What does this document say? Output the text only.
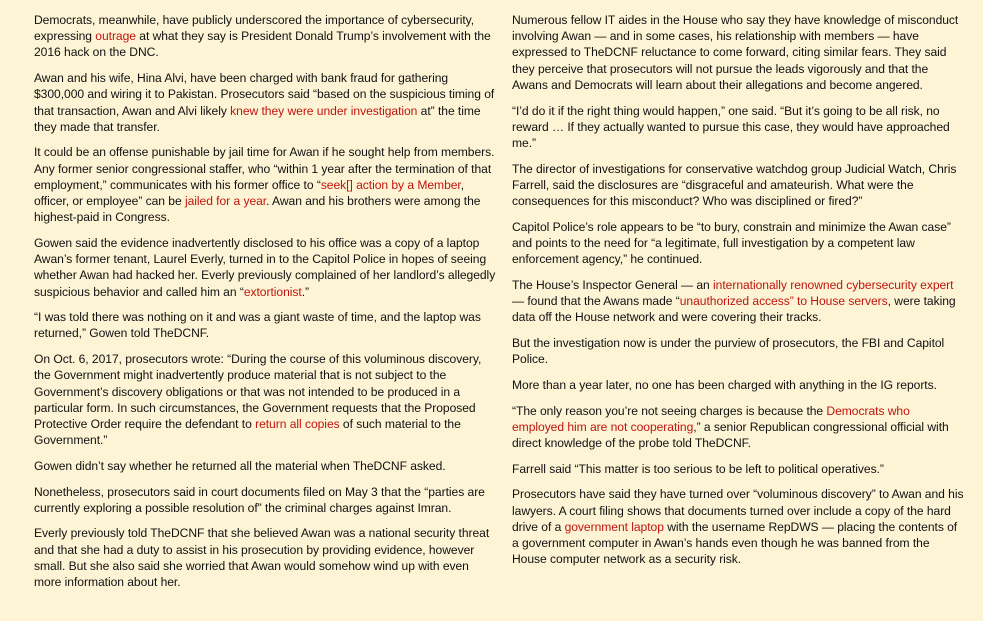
Democrats, meanwhile, have publicly underscored the importance of cybersecurity, expressing outrage at what they say is President Donald Trump’s involvement with the 2016 hack on the DNC.

Awan and his wife, Hina Alvi, have been charged with bank fraud for gathering $300,000 and wiring it to Pakistan. Prosecutors said “based on the suspicious timing of that transaction, Awan and Alvi likely knew they were under investigation at” the time they made that transfer.

It could be an offense punishable by jail time for Awan if he sought help from members. Any former senior congressional staffer, who “within 1 year after the termination of that employment,” communicates with his former office to “seek[] action by a Member, officer, or employee” can be jailed for a year. Awan and his brothers were among the highest-paid in Congress.

Gowen said the evidence inadvertently disclosed to his office was a copy of a laptop Awan’s former tenant, Laurel Everly, turned in to the Capitol Police in hopes of seeing whether Awan had hacked her. Everly previously complained of her landlord’s allegedly suspicious behavior and called him an “extortionist.”

“I was told there was nothing on it and was a giant waste of time, and the laptop was returned,” Gowen told TheDCNF.

On Oct. 6, 2017, prosecutors wrote: “During the course of this voluminous discovery, the Government might inadvertently produce material that is not subject to the Government’s discovery obligations or that was not intended to be produced in a particular form. In such circumstances, the Government requests that the Proposed Protective Order require the defendant to return all copies of such material to the Government.”

Gowen didn’t say whether he returned all the material when TheDCNF asked.

Nonetheless, prosecutors said in court documents filed on May 3 that the “parties are currently exploring a possible resolution of” the criminal charges against Imran.

Everly previously told TheDCNF that she believed Awan was a national security threat and that she had a duty to assist in his prosecution by providing evidence, however small. But she also said she worried that Awan would somehow wind up with even more information about her.

Numerous fellow IT aides in the House who say they have knowledge of misconduct involving Awan — and in some cases, his relationship with members — have expressed to TheDCNF reluctance to come forward, citing similar fears. They said they perceive that prosecutors will not pursue the leads vigorously and that the Awans and Democrats will learn about their allegations and become angered.

“I’d do it if the right thing would happen,” one said. “But it’s going to be all risk, no reward … If they actually wanted to pursue this case, they would have approached me.”

The director of investigations for conservative watchdog group Judicial Watch, Chris Farrell, said the disclosures are “disgraceful and amateurish. What were the consequences for this misconduct? Who was disciplined or fired?”

Capitol Police’s role appears to be “to bury, constrain and minimize the Awan case” and points to the need for “a legitimate, full investigation by a competent law enforcement agency,” he continued.

The House’s Inspector General — an internationally renowned cybersecurity expert — found that the Awans made “unauthorized access” to House servers, were taking data off the House network and were covering their tracks.

But the investigation now is under the purview of prosecutors, the FBI and Capitol Police.

More than a year later, no one has been charged with anything in the IG reports.

“The only reason you’re not seeing charges is because the Democrats who employed him are not cooperating,” a senior Republican congressional official with direct knowledge of the probe told TheDCNF.

Farrell said “This matter is too serious to be left to political operatives.”

Prosecutors have said they have turned over “voluminous discovery” to Awan and his lawyers. A court filing shows that documents turned over include a copy of the hard drive of a government laptop with the username RepDWS — placing the contents of a government computer in Awan’s hands even though he was banned from the House computer network as a security risk.
